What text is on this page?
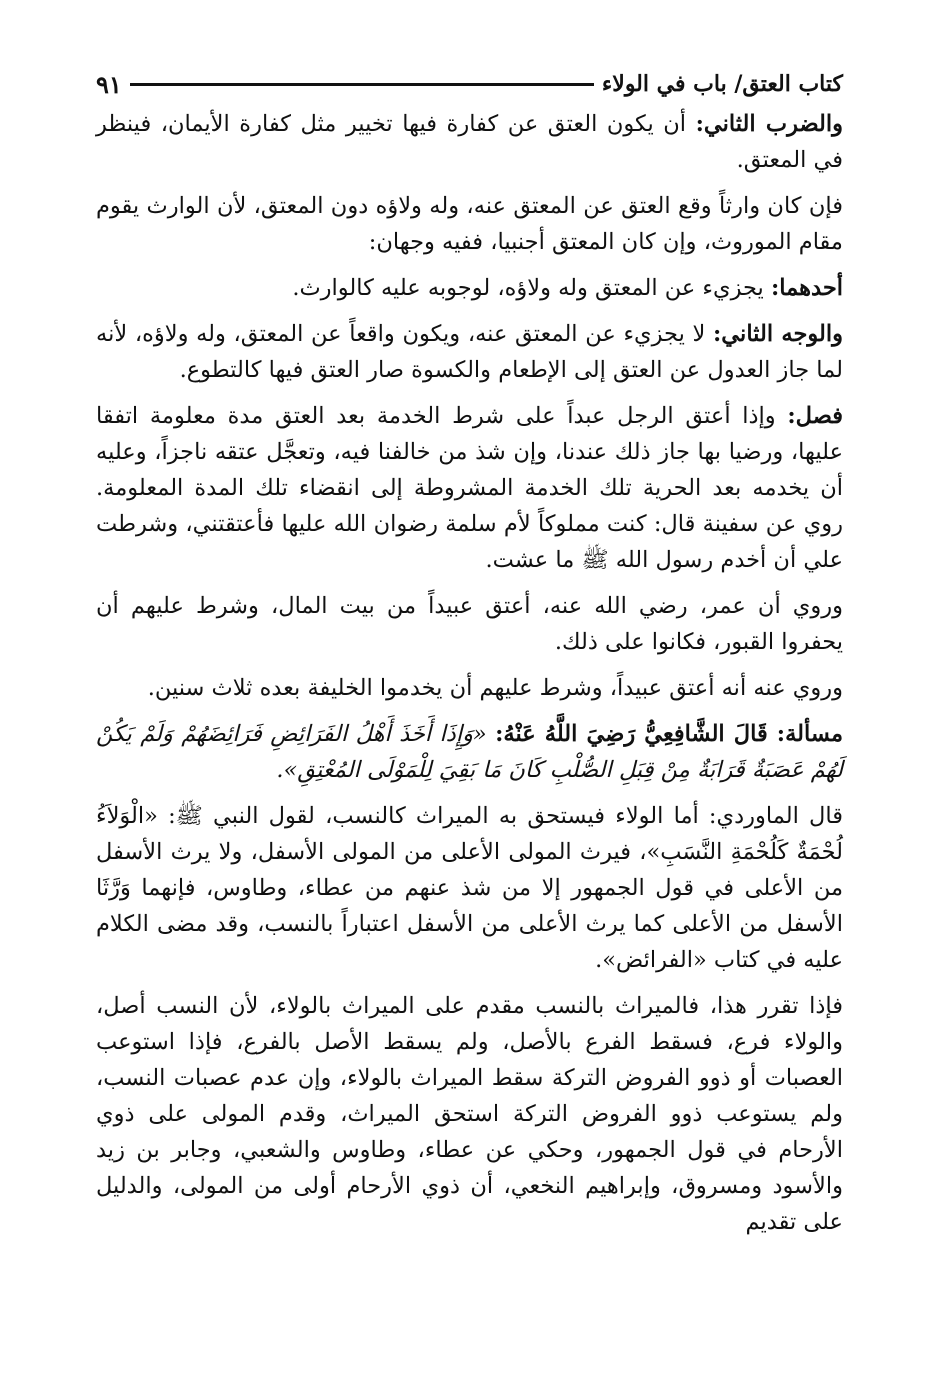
كتاب العتق/ باب في الولاء
٩١

والضرب الثاني: أن يكون العتق عن كفارة فيها تخيير مثل كفارة الأيمان، فينظر في المعتق.

فإن كان وارثاً وقع العتق عن المعتق عنه، وله ولاؤه دون المعتق، لأن الوارث يقوم مقام الموروث، وإن كان المعتق أجنبيا، ففيه وجهان:

أحدهما: يجزيء عن المعتق وله ولاؤه، لوجوبه عليه كالوارث.

والوجه الثاني: لا يجزيء عن المعتق عنه، ويكون واقعاً عن المعتق، وله ولاؤه، لأنه لما جاز العدول عن العتق إلى الإطعام والكسوة صار العتق فيها كالتطوع.

فصل: وإذا أعتق الرجل عبداً على شرط الخدمة بعد العتق مدة معلومة اتفقا عليها، ورضيا بها جاز ذلك عندنا، وإن شذ من خالفنا فيه، وتعجَّل عتقه ناجزاً، وعليه أن يخدمه بعد الحرية تلك الخدمة المشروطة إلى انقضاء تلك المدة المعلومة. روي عن سفينة قال: كنت مملوكاً لأم سلمة رضوان الله عليها فأعتقتني، وشرطت علي أن أخدم رسول الله ﷺ ما عشت.

وروي أن عمر، رضي الله عنه، أعتق عبيداً من بيت المال، وشرط عليهم أن يحفروا القبور، فكانوا على ذلك.

وروي عنه أنه أعتق عبيداً، وشرط عليهم أن يخدموا الخليفة بعده ثلاث سنين.

مسألة: قَالَ الشَّافِعِيُّ رَضِيَ اللَّهُ عَنْهُ: «وَإِذَا أَخَذَ أَهْلُ الفَرَائِضِ فَرَائِضَهُمْ وَلَمْ يَكُنْ لَهُمْ عَصَبَةٌ قَرَابَةٌ مِنْ قِبَلِ الصُّلْبِ كَانَ مَا بَقِيَ لِلْمَوْلَى المُعْتِقِ».

قال الماوردي: أما الولاء فيستحق به الميراث كالنسب، لقول النبي ﷺ: «الْوَلاَءُ لُحْمَةٌ كَلُحْمَةِ النَّسَبِ»، فيرث المولى الأعلى من المولى الأسفل، ولا يرث الأسفل من الأعلى في قول الجمهور إلا من شذ عنهم من عطاء، وطاوس، فإنهما وَرَّثَا الأسفل من الأعلى كما يرث الأعلى من الأسفل اعتباراً بالنسب، وقد مضى الكلام عليه في كتاب «الفرائض».

فإذا تقرر هذا، فالميراث بالنسب مقدم على الميراث بالولاء، لأن النسب أصل، والولاء فرع، فسقط الفرع بالأصل، ولم يسقط الأصل بالفرع، فإذا استوعب العصبات أو ذوو الفروض التركة سقط الميراث بالولاء، وإن عدم عصبات النسب، ولم يستوعب ذوو الفروض التركة استحق الميراث، وقدم المولى على ذوي الأرحام في قول الجمهور، وحكي عن عطاء، وطاوس والشعبي، وجابر بن زيد والأسود ومسروق، وإبراهيم النخعي، أن ذوي الأرحام أولى من المولى، والدليل على تقديم
